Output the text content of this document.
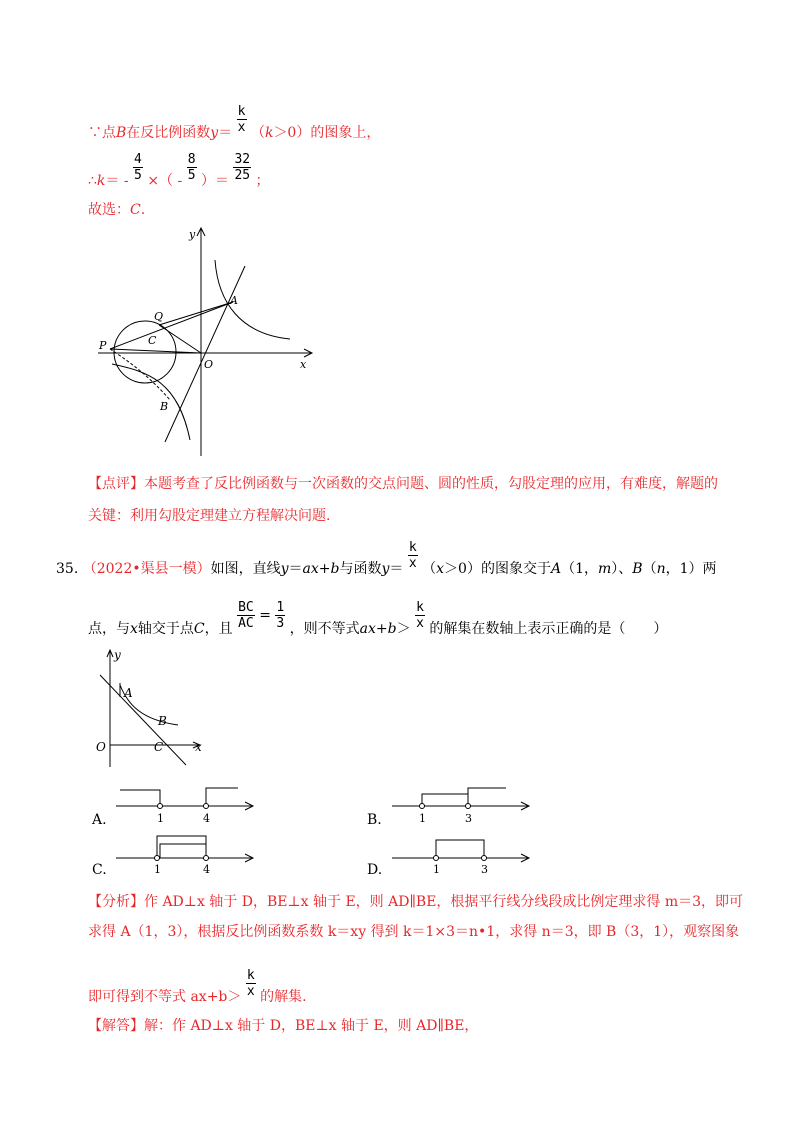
∵点B在反比例函数$y= \frac{k}{x} (k>0)$的图象上，
∴k＝ - $\frac{4}{5}$ ×（ - $\frac{8}{5}$ ）＝ $\frac{32}{25}$ ；
故选：C.
y
x
O
A
Q
C
P
B
【点评】本题考查了反比例函数与一次函数的交点问题、圆的性质，勾股定理的应用，有难度，解题的
关键：利用勾股定理建立方程解决问题.
35. （2022•渠县一模）如图，直线y＝ax+b与函数$y= \frac{k}{x} (x>0)$的图象交于A（1，m）、B（n，1）两
点，与x轴交于点C，且 $\frac{BC}{AC} = \frac{1}{3}$ ，则不等式$ax+b> \frac{k}{x}$ 的解集在数轴上表示正确的是（　　）
y
x
O
A
B
C
A.	1	4	B.	1	3
C.	1	4	D.	1	3
【分析】作 AD⊥x 轴于 D，BE⊥x 轴于 E，则 AD∥BE，根据平行线分线段成比例定理求得 m＝3，即可
求得 A（1，3），根据反比例函数系数 k＝xy 得到 k＝1×3＝n•1，求得 n＝3，即 B（3，1），观察图象
即可得到不等式 $ax+b> \frac{k}{x}$ 的解集.
【解答】解：作 AD⊥x 轴于 D，BE⊥x 轴于 E，则 AD∥BE，
